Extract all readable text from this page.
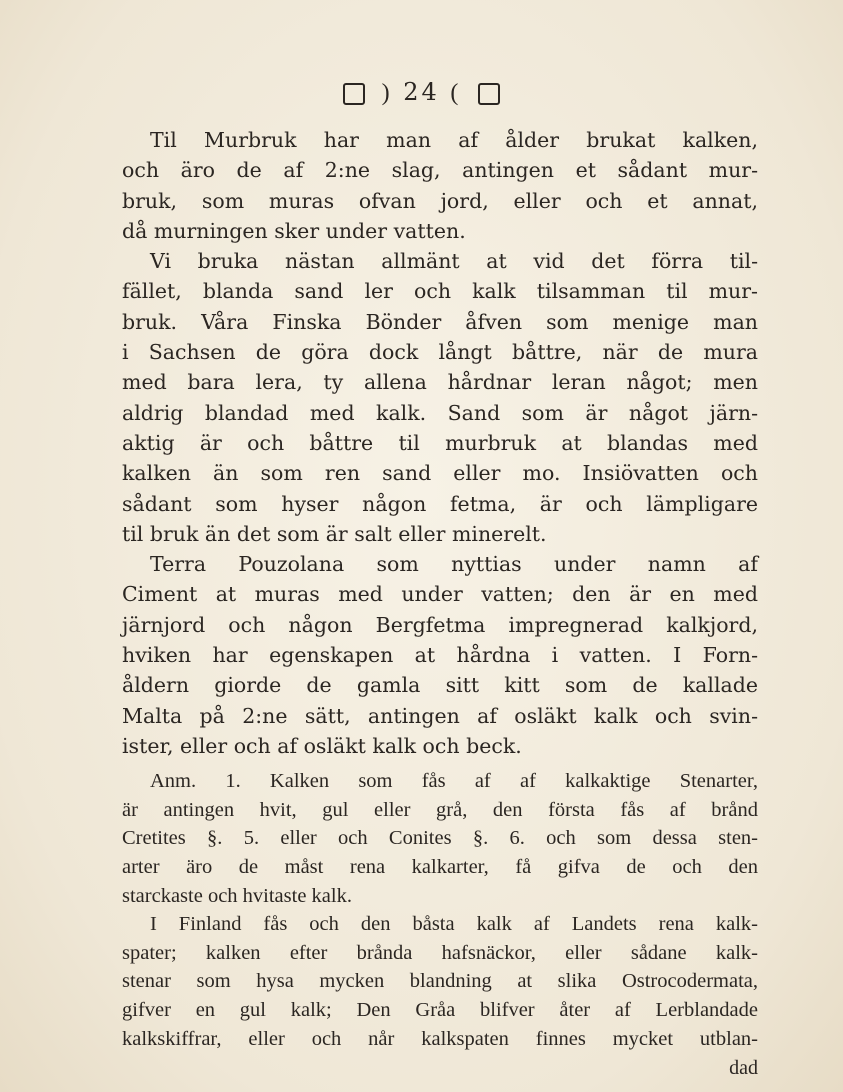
) 24 (

Til Murbruk har man af ålder brukat kalken,

och äro de af 2:ne slag, antingen et sådant mur-

bruk, som muras ofvan jord, eller och et annat,

då murningen sker under vatten.

Vi bruka nästan allmänt at vid det förra til-

fället, blanda sand ler och kalk tilsamman til mur-

bruk. Våra Finska Bönder åfven som menige man

i Sachsen de göra dock långt båttre, när de mura

med bara lera, ty allena hårdnar leran något; men

aldrig blandad med kalk. Sand som är något järn-

aktig är och båttre til murbruk at blandas med

kalken än som ren sand eller mo. Insiövatten och

sådant som hyser någon fetma, är och lämpligare

til bruk än det som är salt eller minerelt.

Terra Pouzolana som nyttias under namn af

Ciment at muras med under vatten; den är en med

järnjord och någon Bergfetma impregnerad kalkjord,

hviken har egenskapen at hårdna i vatten. I Forn-

åldern giorde de gamla sitt kitt som de kallade

Malta på 2:ne sätt, antingen af osläkt kalk och svin-

ister, eller och af osläkt kalk och beck.

Anm. 1. Kalken som fås af af kalkaktige Stenarter,

är antingen hvit, gul eller grå, den första fås af brånd

Cretites §. 5. eller och Conites §. 6. och som dessa sten-

arter äro de måst rena kalkarter, få gifva de och den

starckaste och hvitaste kalk.

I Finland fås och den båsta kalk af Landets rena kalk-

spater; kalken efter brånda hafsnäckor, eller sådane kalk-

stenar som hysa mycken blandning at slika Ostrocodermata,

gifver en gul kalk; Den Gråa blifver åter af Lerblandade

kalkskiffrar, eller och når kalkspaten finnes mycket utblan-

dad
